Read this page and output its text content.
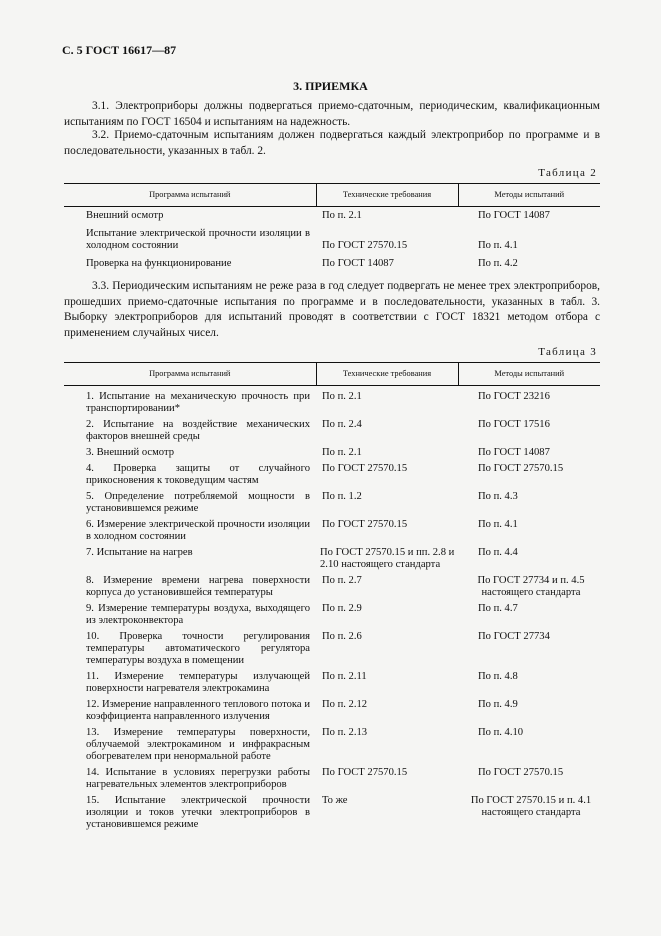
С. 5 ГОСТ 16617—87
3. ПРИЕМКА

3.1. Электроприборы должны подвергаться приемо-сдаточным, периодическим, квалификационным испытаниям по ГОСТ 16504 и испытаниям на надежность.

3.2. Приемо-сдаточным испытаниям должен подвергаться каждый электроприбор по программе и в последовательности, указанных в табл. 2.

Таблица 2
Программа испытаний	Технические требования	Методы испытаний
Внешний осмотр	По п. 2.1	По ГОСТ 14087
Испытание электрической прочности изоляции в холодном состоянии	По ГОСТ 27570.15	По п. 4.1
Проверка на функционирование	По ГОСТ 14087	По п. 4.2

3.3. Периодическим испытаниям не реже раза в год следует подвергать не менее трех электроприборов, прошедших приемо-сдаточные испытания по программе и в последовательности, указанных в табл. 3. Выборку электроприборов для испытаний проводят в соответствии с ГОСТ 18321 методом отбора с применением случайных чисел.

Таблица 3
Программа испытаний	Технические требования	Методы испытаний
1. Испытание на механическую прочность при транспортировании*	По п. 2.1	По ГОСТ 23216
2. Испытание на воздействие механических факторов внешней среды	По п. 2.4	По ГОСТ 17516
3. Внешний осмотр	По п. 2.1	По ГОСТ 14087
4. Проверка защиты от случайного прикосновения к токоведущим частям	По ГОСТ 27570.15	По ГОСТ 27570.15
5. Определение потребляемой мощности в установившемся режиме	По п. 1.2	По п. 4.3
6. Измерение электрической прочности изоляции в холодном состоянии	По ГОСТ 27570.15	По п. 4.1
7. Испытание на нагрев	По ГОСТ 27570.15 и пп. 2.8 и 2.10 настоящего стандарта	По п. 4.4
8. Измерение времени нагрева поверхности корпуса до установившейся температуры	По п. 2.7	По ГОСТ 27734 и п. 4.5 настоящего стандарта
9. Измерение температуры воздуха, выходящего из электроконвектора	По п. 2.9	По п. 4.7
10. Проверка точности регулирования температуры автоматического регулятора температуры воздуха в помещении	По п. 2.6	По ГОСТ 27734
11. Измерение температуры излучающей поверхности нагревателя электрокамина	По п. 2.11	По п. 4.8
12. Измерение направленного теплового потока и коэффициента направленного излучения	По п. 2.12	По п. 4.9
13. Измерение температуры поверхности, облучаемой электрокамином и инфракрасным обогревателем при ненормальной работе	По п. 2.13	По п. 4.10
14. Испытание в условиях перегрузки работы нагревательных элементов электроприборов	По ГОСТ 27570.15	По ГОСТ 27570.15
15. Испытание электрической прочности изоляции и токов утечки электроприборов в установившемся режиме	То же	По ГОСТ 27570.15 и п. 4.1 настоящего стандарта
